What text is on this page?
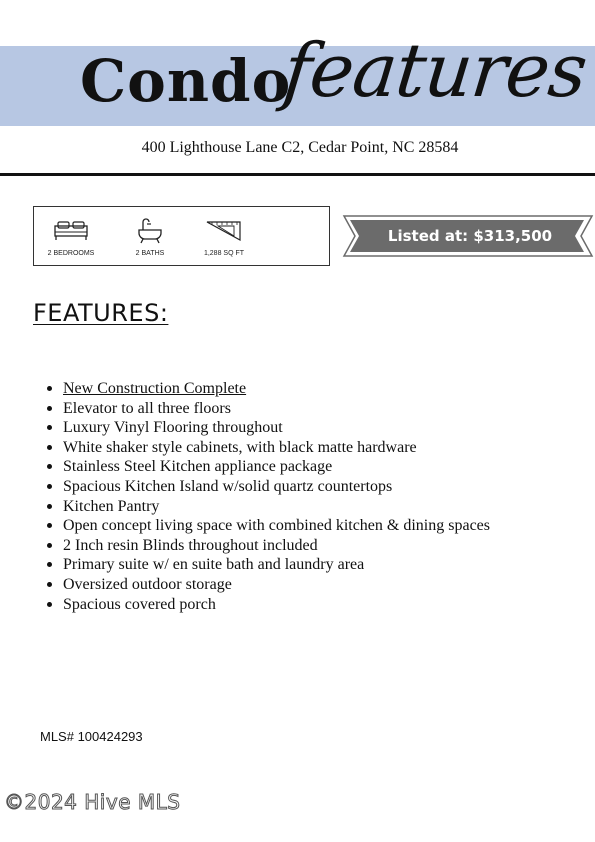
Condo
features
400 Lighthouse Lane C2, Cedar Point, NC 28584
2 BEDROOMS	2 BATHS	1,288 SQ FT
Listed at: $313,500
FEATURES:
New Construction Complete
Elevator to all three floors
Luxury Vinyl Flooring throughout
White shaker style cabinets, with black matte hardware
Stainless Steel Kitchen appliance package
Spacious Kitchen Island w/solid quartz countertops
Kitchen Pantry
Open concept living space with combined kitchen & dining spaces
2 Inch resin Blinds throughout included
Primary suite w/ en suite bath and laundry area
Oversized outdoor storage
Spacious covered porch
MLS# 100424293
©2024 Hive MLS
